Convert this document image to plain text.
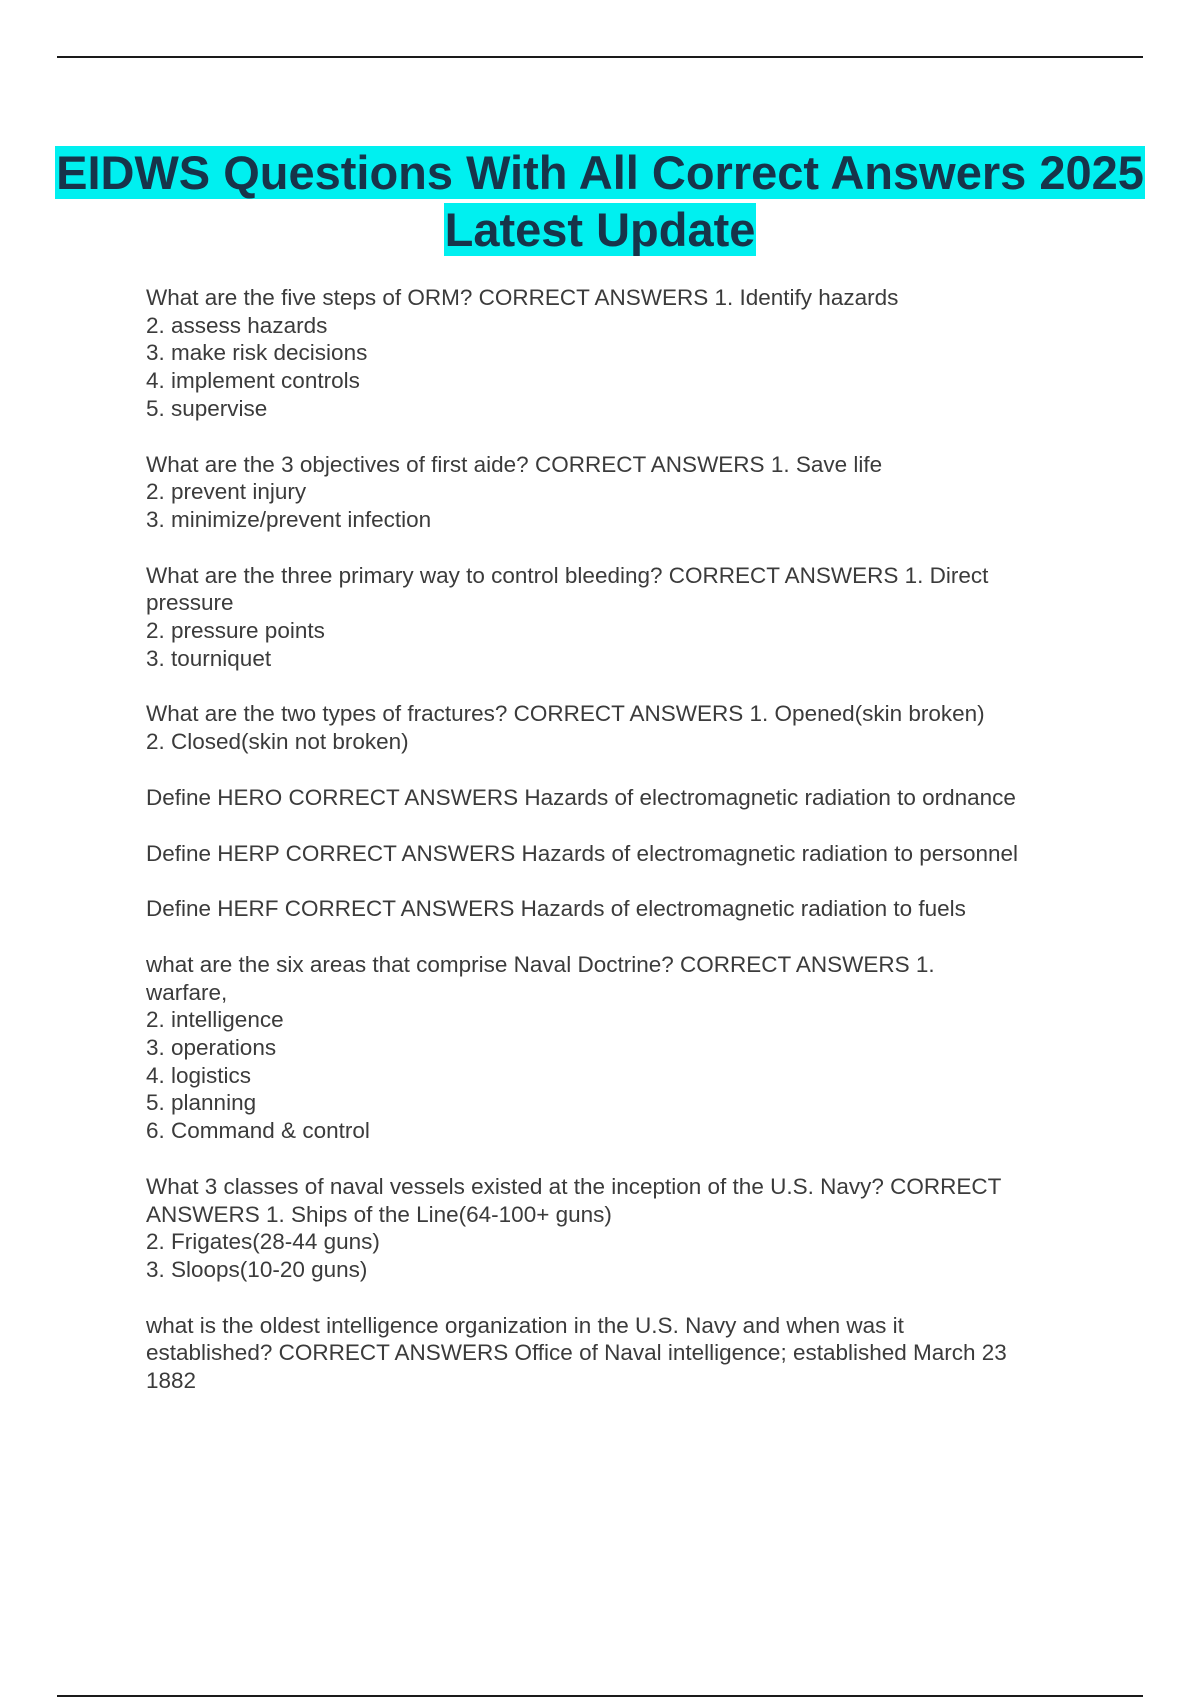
EIDWS Questions With All Correct Answers 2025 Latest Update

What are the five steps of ORM? CORRECT ANSWERS 1. Identify hazards
2. assess hazards
3. make risk decisions
4. implement controls
5. supervise

What are the 3 objectives of first aide? CORRECT ANSWERS 1. Save life
2. prevent injury
3. minimize/prevent infection

What are the three primary way to control bleeding? CORRECT ANSWERS 1. Direct
pressure
2. pressure points
3. tourniquet

What are the two types of fractures? CORRECT ANSWERS 1. Opened(skin broken)
2. Closed(skin not broken)

Define HERO CORRECT ANSWERS Hazards of electromagnetic radiation to ordnance

Define HERP CORRECT ANSWERS Hazards of electromagnetic radiation to personnel

Define HERF CORRECT ANSWERS Hazards of electromagnetic radiation to fuels

what are the six areas that comprise Naval Doctrine? CORRECT ANSWERS 1.
warfare,
2. intelligence
3. operations
4. logistics
5. planning
6. Command & control

What 3 classes of naval vessels existed at the inception of the U.S. Navy? CORRECT
ANSWERS 1. Ships of the Line(64-100+ guns)
2. Frigates(28-44 guns)
3. Sloops(10-20 guns)

what is the oldest intelligence organization in the U.S. Navy and when was it
established? CORRECT ANSWERS Office of Naval intelligence; established March 23
1882
